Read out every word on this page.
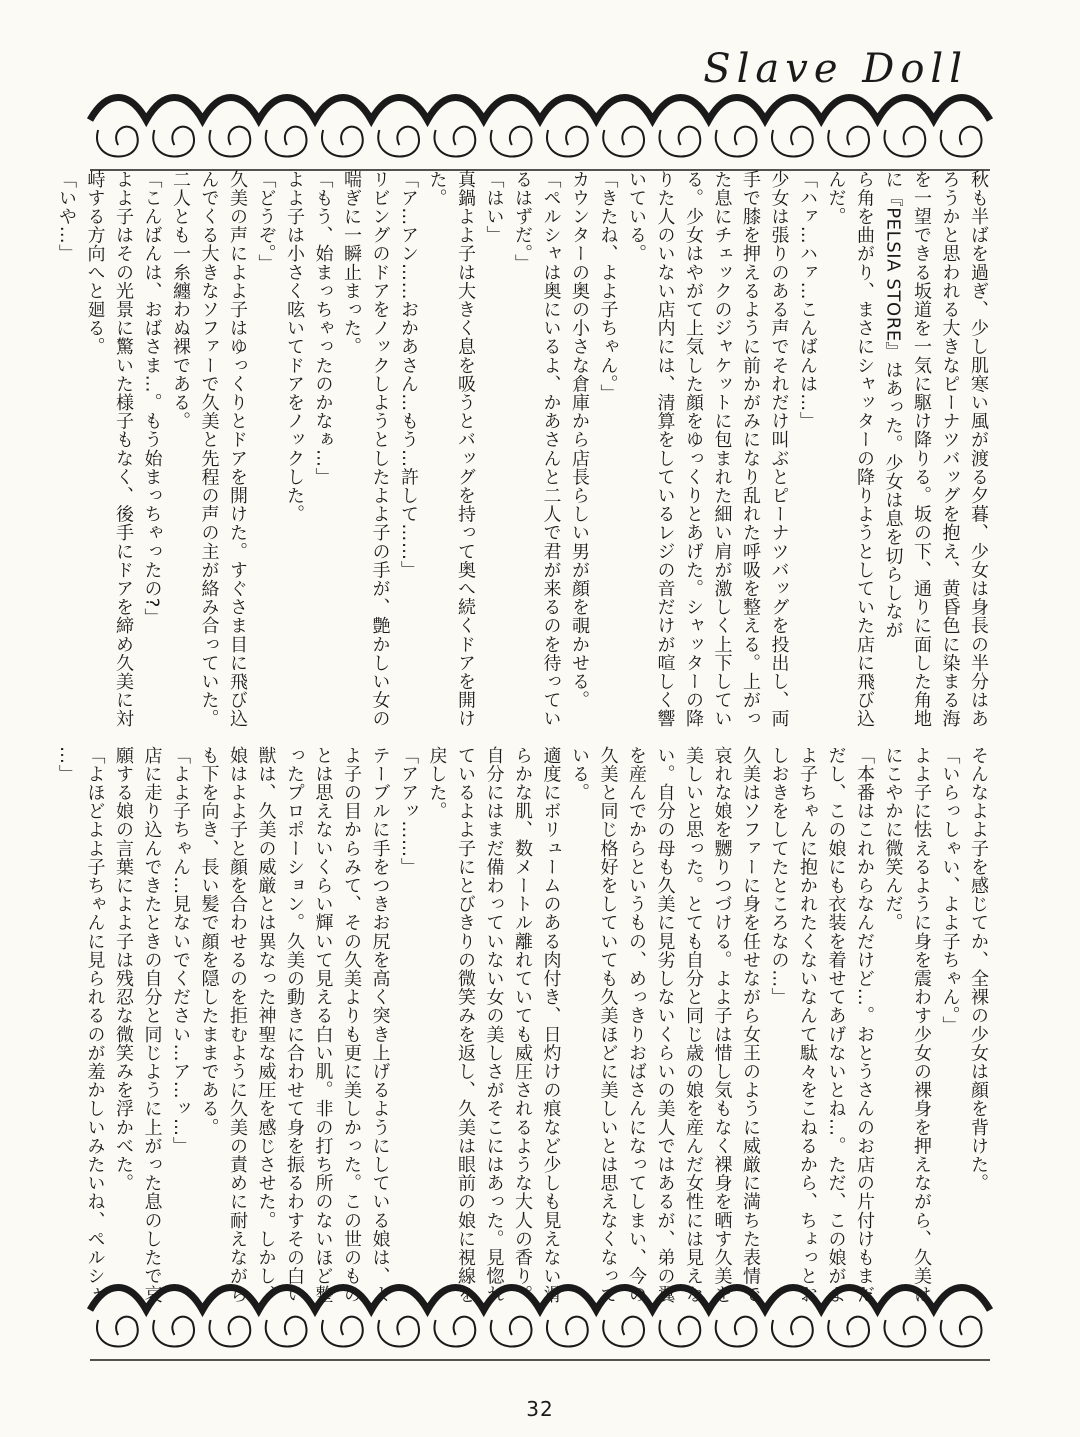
Slave Doll

秋も半ばを過ぎ、少し肌寒い風が渡る夕暮、少女は身長の半分はあ

ろうかと思われる大きなピーナツバッグを抱え、黄昏色に染まる海

を一望できる坂道を一気に駆け降りる。坂の下、通りに面した角地

に『PELSIA STORE』はあった。少女は息を切らしなが

ら角を曲がり、まさにシャッターの降りようとしていた店に飛び込

んだ。

「ハァ…ハァ…こんばんは…」

少女は張りのある声でそれだけ叫ぶとピーナツバッグを投出し、両

手で膝を押えるように前かがみになり乱れた呼吸を整える。上がっ

た息にチェックのジャケットに包まれた細い肩が激しく上下してい

る。少女はやがて上気した顔をゆっくりとあげた。シャッターの降

りた人のいない店内には、清算をしているレジの音だけが喧しく響

いている。

「きたね、よよ子ちゃん。」

カウンターの奥の小さな倉庫から店長らしい男が顔を覗かせる。

「ペルシャは奥にいるよ、かあさんと二人で君が来るのを待ってい

るはずだ。」

「はい」

真鍋よよ子は大きく息を吸うとバッグを持って奥へ続くドアを開け

た。

「ア…アン……おかあさん…もう…許して……」

リビングのドアをノックしようとしたよよ子の手が、艶かしい女の

喘ぎに一瞬止まった。

「もう、始まっちゃったのかなぁ…」

よよ子は小さく呟いてドアをノックした。

「どうぞ。」

久美の声によよ子はゆっくりとドアを開けた。すぐさま目に飛び込

んでくる大きなソファーで久美と先程の声の主が絡み合っていた。

二人とも一糸纏わぬ裸である。

「こんばんは、おばさま…。もう始まっちゃったの?」

よよ子はその光景に驚いた様子もなく、後手にドアを締め久美に対

峙する方向へと廻る。

「いや…」

そんなよよ子を感じてか、全裸の少女は顔を背けた。

「いらっしゃい、よよ子ちゃん。」

よよ子に怯えるように身を震わす少女の裸身を押えながら、久美は

にこやかに微笑んだ。

「本番はこれからなんだけど…。おとうさんのお店の片付けもまだ

だし、この娘にも衣装を着せてあげないとね…。ただ、この娘がよ

よ子ちゃんに抱かれたくないなんて駄々をこねるから、ちょっとお

しおきをしてたところなの…」

久美はソファーに身を任せながら女王のように威厳に満ちた表情で

哀れな娘を嬲りつづける。よよ子は惜し気もなく裸身を晒す久美を

美しいと思った。とても自分と同じ歳の娘を産んだ女性には見えな

い。自分の母も久美に見劣しないくらいの美人ではあるが、弟の翼

を産んでからというもの、めっきりおばさんになってしまい、今の

久美と同じ格好をしていても久美ほどに美しいとは思えなくなって

いる。

適度にボリュームのある肉付き、日灼けの痕など少しも見えない滑

らかな肌、数メートル離れていても威圧されるような大人の香り。

自分にはまだ備わっていない女の美しさがそこにはあった。見惚れ

ているよよ子にとびきりの微笑みを返し、久美は眼前の娘に視線を

戻した。

「アアッ……」

テーブルに手をつきお尻を高く突き上げるようにしている娘は、よ

よ子の目からみて、その久美よりも更に美しかった。この世のもの

とは思えないくらい輝いて見える白い肌。非の打ち所のないほど整

ったプロポーション。久美の動きに合わせて身を振るわすその白い

獣は、久美の威厳とは異なった神聖な威圧を感じさせた。しかし、

娘はよよ子と顔を合わせるのを拒むように久美の責めに耐えながら

も下を向き、長い髪で顔を隠したままである。

「よよ子ちゃん…見ないでください…ア…ッ…」

店に走り込んできたときの自分と同じように上がった息のしたで哀

願する娘の言葉によよ子は残忍な微笑みを浮かべた。

「よほどよよ子ちゃんに見られるのが羞かしいみたいね、ペルシャ

…」

32
